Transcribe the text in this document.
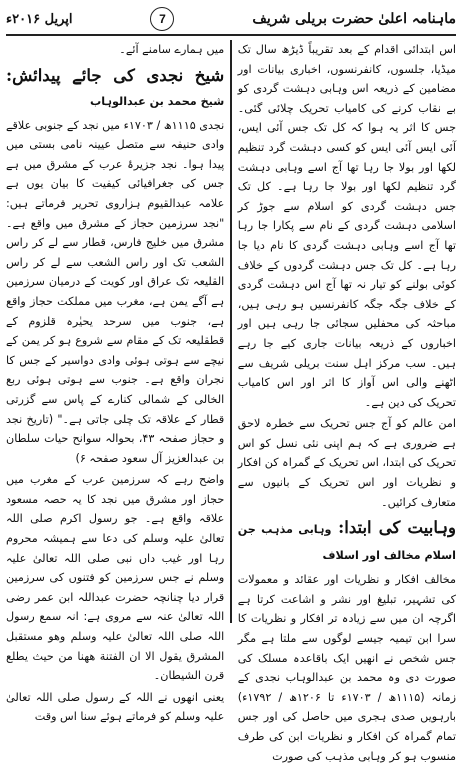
ماہنامہ اعلیٰ حضرت بریلی شریف
7
اپریل ۲۰۱۶ء

اس ابتدائی اقدام کے بعد تقریباً ڈیڑھ سال تک میڈیا، جلسوں، کانفرنسوں، اخباری بیانات اور مضامین کے ذریعہ اس وہابی دہشت گردی کو بے نقاب کرنے کی کامیاب تحریک چلائی گئی۔ جس کا اثر یہ ہوا کہ کل تک جس آئی ایس، آئی ایس آئی ایس کو کسی دہشت گرد تنظیم لکھا اور بولا جا رہا تھا آج اسے وہابی دہشت گرد تنظیم لکھا اور بولا جا رہا ہے۔ کل تک جس دہشت گردی کو اسلام سے جوڑ کر اسلامی دہشت گردی کے نام سے پکارا جا رہا تھا آج اسے وہابی دہشت گردی کا نام دیا جا رہا ہے۔ کل تک جس دہشت گردوں کے خلاف کوئی بولنے کو تیار نہ تھا آج اس دہشت گردی کے خلاف جگہ جگہ کانفرنسیں ہو رہی ہیں، مباحثہ کی محفلیں سجائی جا رہی ہیں اور اخباروں کے ذریعہ بیانات جاری کیے جا رہے ہیں۔ سب مرکز اہل سنت بریلی شریف سے اٹھنے والی اس آواز کا اثر اور اس کامیاب تحریک کی دین ہے۔

امن عالم کو آج جس تحریک سے خطرہ لاحق ہے ضروری ہے کہ ہم اپنی نئی نسل کو اس تحریک کی ابتدا، اس تحریک کے گمراہ کن افکار و نظریات اور اس تحریک کے بانیوں سے متعارف کرائیں۔

وہابیت کی ابتدا: وہابی مذہب جن اسلام مخالف اور اسلاف

مخالف افکار و نظریات اور عقائد و معمولات کی تشہیر، تبلیغ اور نشر و اشاعت کرتا ہے اگرچہ ان میں سے زیادہ تر افکار و نظریات کا سرا ابن تیمیہ جیسے لوگوں سے ملتا ہے مگر جس شخص نے انھیں ایک باقاعدہ مسلک کی صورت دی وہ محمد بن عبدالوہاب نجدی کے زمانہ (۱۱۱۵ھ / ۱۷۰۳ء تا ۱۲۰۶ھ / ۱۷۹۲ء) بارہویں صدی ہجری میں حاصل کی اور جس تمام گمراہ کن افکار و نظریات ابن کی طرف منسوب ہو کر وہابی مذہب کی صورت

میں ہمارے سامنے آئے۔

شیخ نجدی کی جائے پیدائش: شیخ محمد بن عبدالوہاب

نجدی ۱۱۱۵ھ / ۱۷۰۳ء میں نجد کے جنوبی علاقے وادی حنیفہ سے متصل عیینہ نامی بستی میں پیدا ہوا۔ نجد جزیرۂ عرب کے مشرق میں ہے جس کی جغرافیائی کیفیت کا بیان یوں ہے علامہ عبدالقیوم ہزاروی تحریر فرماتے ہیں: "نجد سرزمین حجاز کے مشرق میں واقع ہے۔ مشرق میں خلیج فارس، قطار سے لے کر راس الشعب تک اور راس الشعب سے لے کر راس القلیعہ تک عراق اور کویت کے درمیان سرزمین ہے آگے یمن ہے، مغرب میں مملکت حجاز واقع ہے، جنوب میں سرحد یحیٰرہ قلزوم کے قطقلیعہ تک کے مقام سے شروع ہو کر یمن کے نیچے سے ہوتی ہوئی وادی دواسیر کے جس کا نجران واقع ہے۔ جنوب سے ہوتی ہوئی ربع الخالی کے شمالی کنارے کے پاس سے گزرتی قطار کے علاقہ تک چلی جاتی ہے۔" (تاریخ نجد و حجاز صفحہ ۴۳، بحوالہ سوانح حیات سلطان بن عبدالعزیز آل سعود صفحہ ۶)

واضح رہے کہ سرزمین عرب کے مغرب میں حجاز اور مشرق میں نجد کا یہ حصہ مسعود علاقہ واقع ہے۔ جو رسول اکرم صلی اللہ تعالیٰ علیہ وسلم کی دعا سے ہمیشہ محروم رہا اور غیب داں نبی صلی اللہ تعالیٰ علیہ وسلم نے جس سرزمین کو فتنوں کی سرزمین قرار دیا چنانچہ حضرت عبداللہ ابن عمر رضی اللہ تعالیٰ عنہ سے مروی ہے: انہ سمع رسول اللہ صلی اللہ تعالیٰ علیہ وسلم وهو مستقبل المشرق یقول الا ان الفتنة ههنا من حيث يطلع قرن الشيطان۔

یعنی انھوں نے اللہ کے رسول صلی اللہ تعالیٰ علیہ وسلم کو فرماتے ہوئے سنا اس وقت
